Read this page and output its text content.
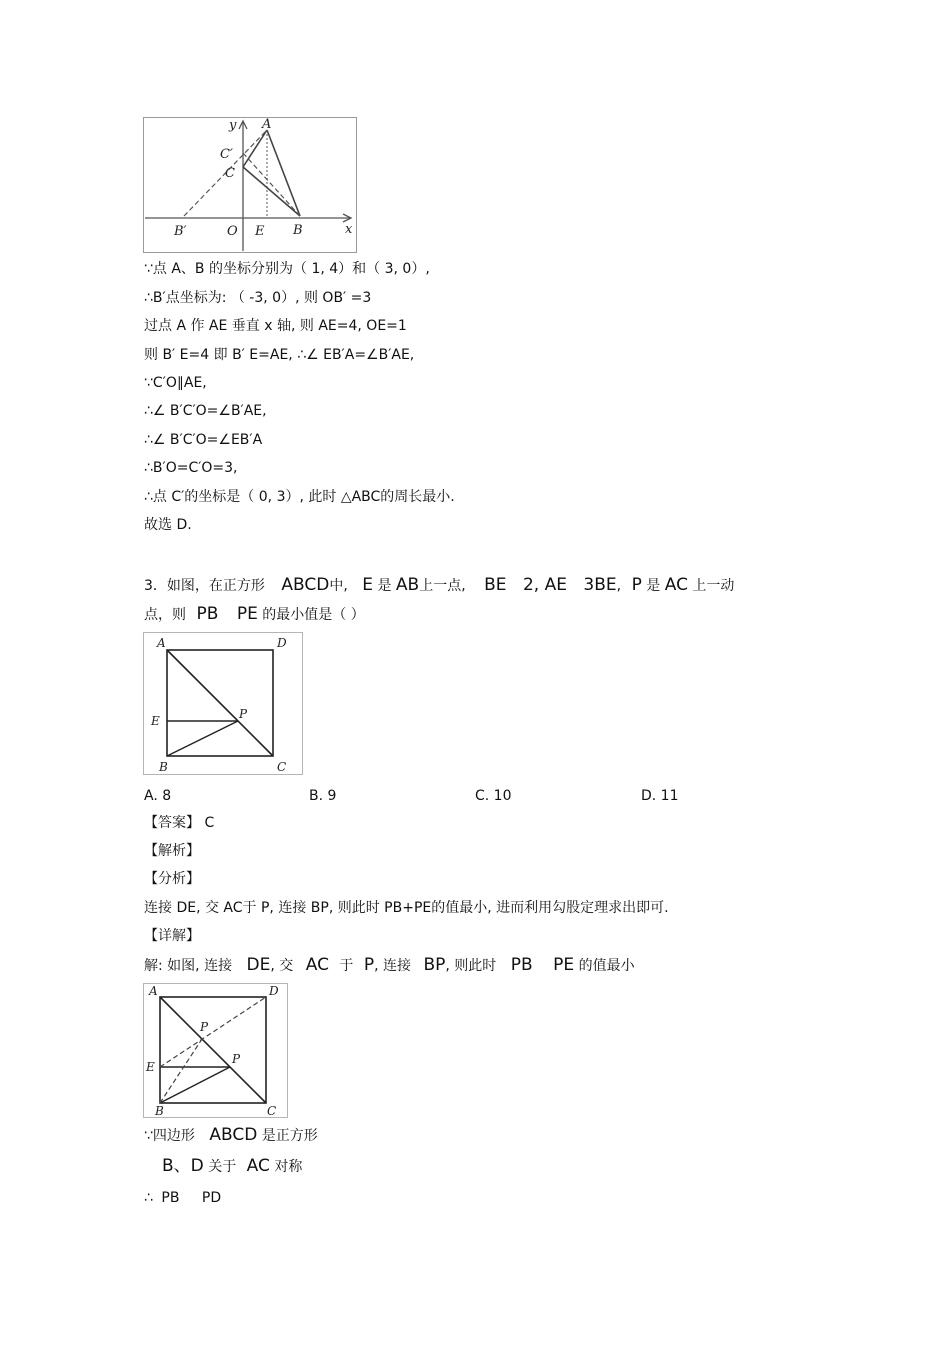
y A
C′
C
B′	O E B	x
∵点 A、B 的坐标分别为（ 1, 4）和（ 3, 0）,
∴B′点坐标为: （ -3, 0）, 则 OB′ =3
过点 A 作 AE 垂直 x 轴, 则 AE=4, OE=1
则 B′ E=4 即 B′ E=AE, ∴∠ EB′A=∠B′AE,
∵C′O∥AE,
∴∠ B′C′O=∠B′AE,
∴∠ B′C′O=∠EB′A
∴B′O=C′O=3,
∴点 C′的坐标是（ 0, 3）, 此时 △ABC的周长最小.
故选 D.
3．如图，在正方形 ABCD中, E 是 AB上一点, BE 2, AE 3BE, P 是 AC 上一动
点，则 PB PE 的最小值是（ ）
A	D
E	P
B	C
A. 8	B. 9	C. 10	D. 11
【答案】 C
【解析】
【分析】
连接 DE, 交 AC于 P, 连接 BP, 则此时 PB+PE的值最小, 进而利用勾股定理求出即可.
【详解】
解: 如图, 连接 DE, 交 AC 于 P, 连接 BP, 则此时 PB PE 的值最小
A	D
P
P
E
B	C
∵四边形 ABCD 是正方形
B、D 关于 AC 对称
∴ PB PD
